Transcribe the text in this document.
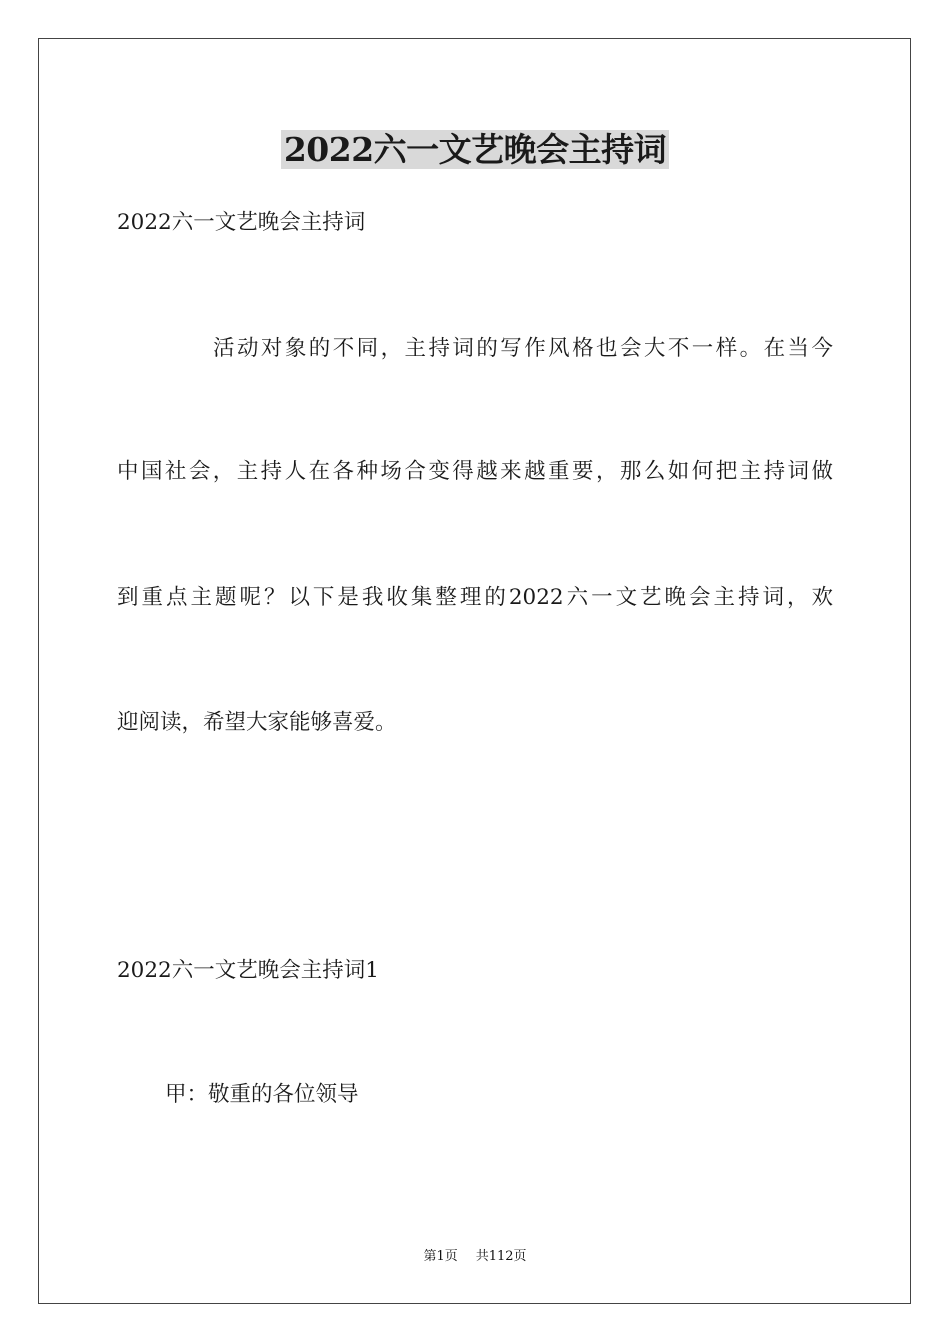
2022六一文艺晚会主持词
2022六一文艺晚会主持词
活动对象的不同，主持词的写作风格也会大不一样。在当今
中国社会，主持人在各种场合变得越来越重要，那么如何把主持词做
到重点主题呢？以下是我收集整理的2022六一文艺晚会主持词，欢
迎阅读，希望大家能够喜爱。
2022六一文艺晚会主持词1
甲：敬重的各位领导
第1页 共112页
